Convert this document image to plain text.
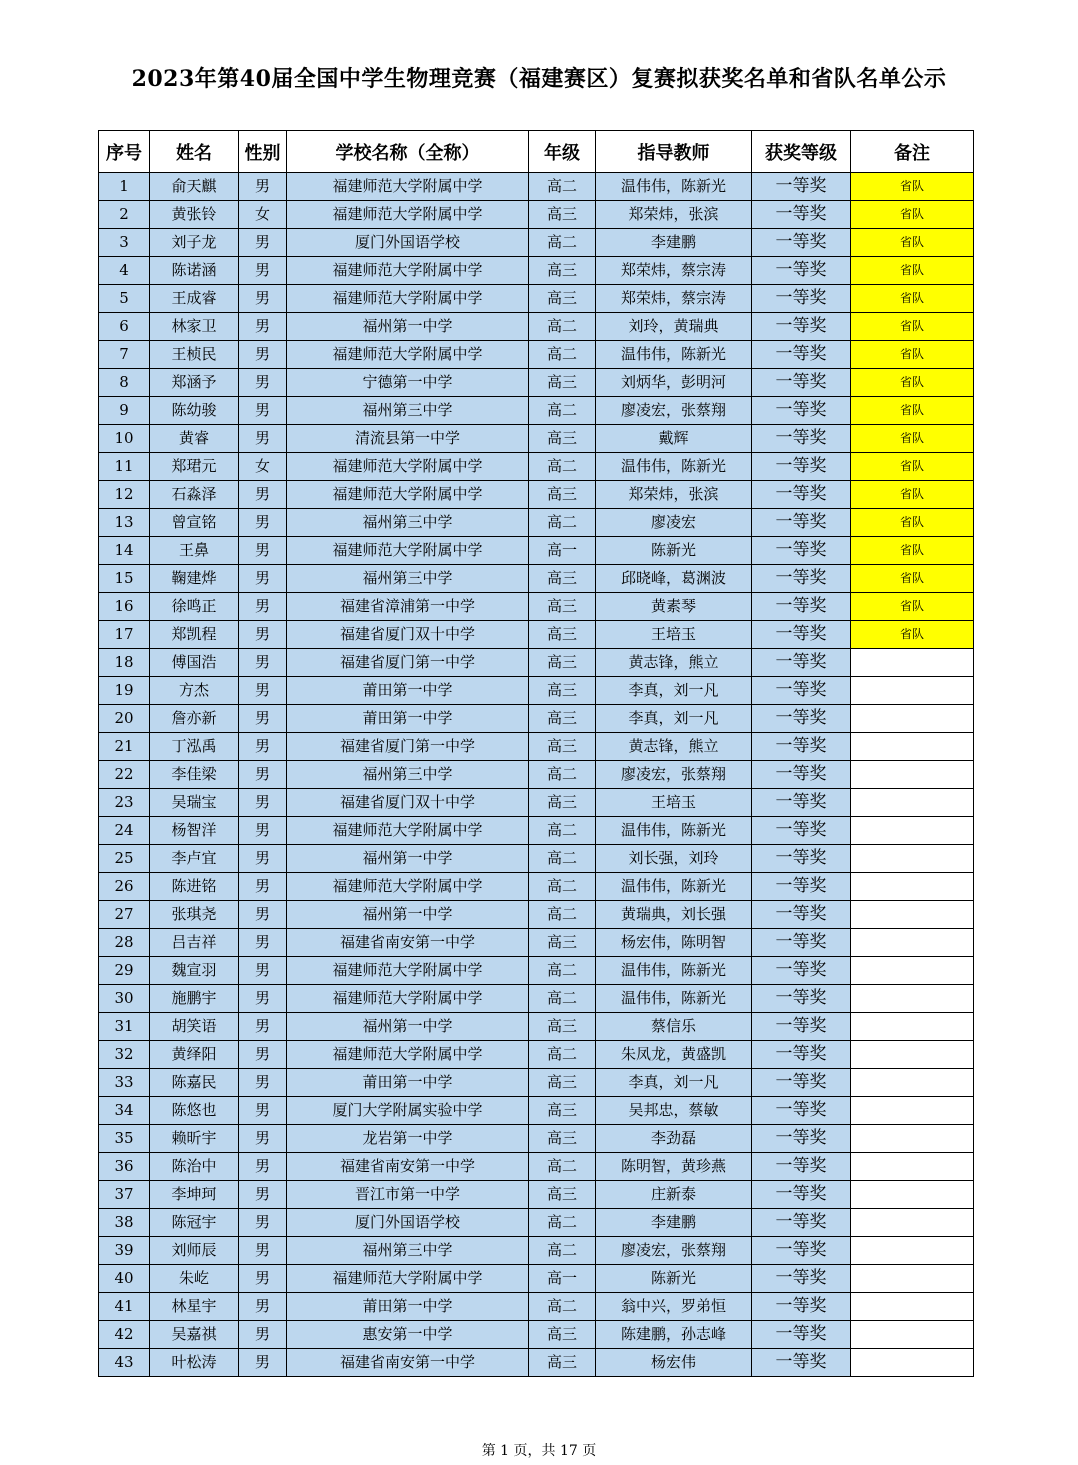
2023年第40届全国中学生物理竞赛（福建赛区）复赛拟获奖名单和省队名单公示
序号	姓名	性别	学校名称（全称）	年级	指导教师	获奖等级	备注
1	俞天麒	男	福建师范大学附属中学	高二	温伟伟，陈新光	一等奖	省队
2	黄张铃	女	福建师范大学附属中学	高三	郑荣炜，张滨	一等奖	省队
3	刘子龙	男	厦门外国语学校	高二	李建鹏	一等奖	省队
4	陈诺涵	男	福建师范大学附属中学	高三	郑荣炜，蔡宗涛	一等奖	省队
5	王成睿	男	福建师范大学附属中学	高三	郑荣炜，蔡宗涛	一等奖	省队
6	林家卫	男	福州第一中学	高二	刘玲，黄瑞典	一等奖	省队
7	王桢民	男	福建师范大学附属中学	高二	温伟伟，陈新光	一等奖	省队
8	郑涵予	男	宁德第一中学	高三	刘炳华，彭明河	一等奖	省队
9	陈幼骏	男	福州第三中学	高二	廖凌宏，张蔡翔	一等奖	省队
10	黄睿	男	清流县第一中学	高三	戴辉	一等奖	省队
11	郑珺元	女	福建师范大学附属中学	高二	温伟伟，陈新光	一等奖	省队
12	石淼泽	男	福建师范大学附属中学	高三	郑荣炜，张滨	一等奖	省队
13	曾宣铭	男	福州第三中学	高二	廖凌宏	一等奖	省队
14	王鼻	男	福建师范大学附属中学	高一	陈新光	一等奖	省队
15	鞠建烨	男	福州第三中学	高三	邱晓峰，葛渊波	一等奖	省队
16	徐鸣正	男	福建省漳浦第一中学	高三	黄素琴	一等奖	省队
17	郑凯程	男	福建省厦门双十中学	高三	王培玉	一等奖	省队
18	傅国浩	男	福建省厦门第一中学	高三	黄志锋，熊立	一等奖	
19	方杰	男	莆田第一中学	高三	李真，刘一凡	一等奖	
20	詹亦新	男	莆田第一中学	高三	李真，刘一凡	一等奖	
21	丁泓禹	男	福建省厦门第一中学	高三	黄志锋，熊立	一等奖	
22	李佳梁	男	福州第三中学	高二	廖凌宏，张蔡翔	一等奖	
23	吴瑞宝	男	福建省厦门双十中学	高三	王培玉	一等奖	
24	杨智洋	男	福建师范大学附属中学	高二	温伟伟，陈新光	一等奖	
25	李卢宜	男	福州第一中学	高二	刘长强，刘玲	一等奖	
26	陈进铭	男	福建师范大学附属中学	高二	温伟伟，陈新光	一等奖	
27	张琪尧	男	福州第一中学	高二	黄瑞典，刘长强	一等奖	
28	吕吉祥	男	福建省南安第一中学	高三	杨宏伟，陈明智	一等奖	
29	魏宣羽	男	福建师范大学附属中学	高二	温伟伟，陈新光	一等奖	
30	施鹏宇	男	福建师范大学附属中学	高二	温伟伟，陈新光	一等奖	
31	胡笑语	男	福州第一中学	高三	蔡信乐	一等奖	
32	黄绎阳	男	福建师范大学附属中学	高二	朱凤龙，黄盛凯	一等奖	
33	陈嘉民	男	莆田第一中学	高三	李真，刘一凡	一等奖	
34	陈悠也	男	厦门大学附属实验中学	高三	吴邦忠，蔡敏	一等奖	
35	赖昕宇	男	龙岩第一中学	高三	李劲磊	一等奖	
36	陈治中	男	福建省南安第一中学	高二	陈明智，黄珍燕	一等奖	
37	李坤珂	男	晋江市第一中学	高三	庄新泰	一等奖	
38	陈冠宇	男	厦门外国语学校	高二	李建鹏	一等奖	
39	刘师辰	男	福州第三中学	高二	廖凌宏，张蔡翔	一等奖	
40	朱屹	男	福建师范大学附属中学	高一	陈新光	一等奖	
41	林星宇	男	莆田第一中学	高二	翁中兴，罗弟恒	一等奖	
42	吴嘉祺	男	惠安第一中学	高三	陈建鹏，孙志峰	一等奖	
43	叶松涛	男	福建省南安第一中学	高三	杨宏伟	一等奖	
第 1 页，共 17 页
